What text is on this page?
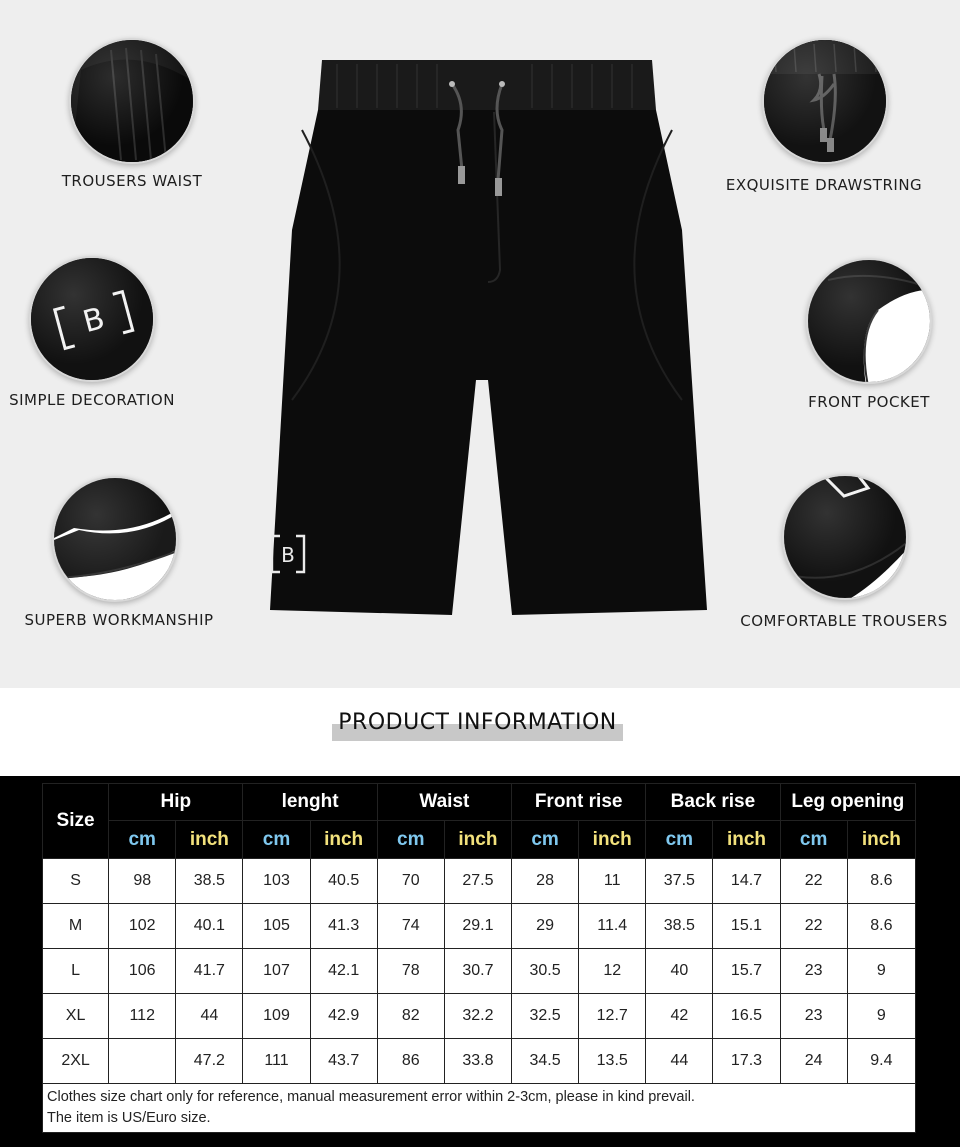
TROUSERS WAIST
SIMPLE DECORATION
SUPERB WORKMANSHIP
EXQUISITE DRAWSTRING
FRONT POCKET
COMFORTABLE TROUSERS
B
PRODUCT INFORMATION
Size	Hip		lenght		Waist		Front rise		Back rise		Leg opening	
	cm	inch	cm	inch	cm	inch	cm	inch	cm	inch	cm	inch
S	98	38.5	103	40.5	70	27.5	28	11	37.5	14.7	22	8.6
M	102	40.1	105	41.3	74	29.1	29	11.4	38.5	15.1	22	8.6
L	106	41.7	107	42.1	78	30.7	30.5	12	40	15.7	23	9
XL	112	44	109	42.9	82	32.2	32.5	12.7	42	16.5	23	9
2XL		47.2	111	43.7	86	33.8	34.5	13.5	44	17.3	24	9.4

Clothes size chart only for reference, manual measurement error within 2-3cm, please in kind prevail.
The item is US/Euro size.												
